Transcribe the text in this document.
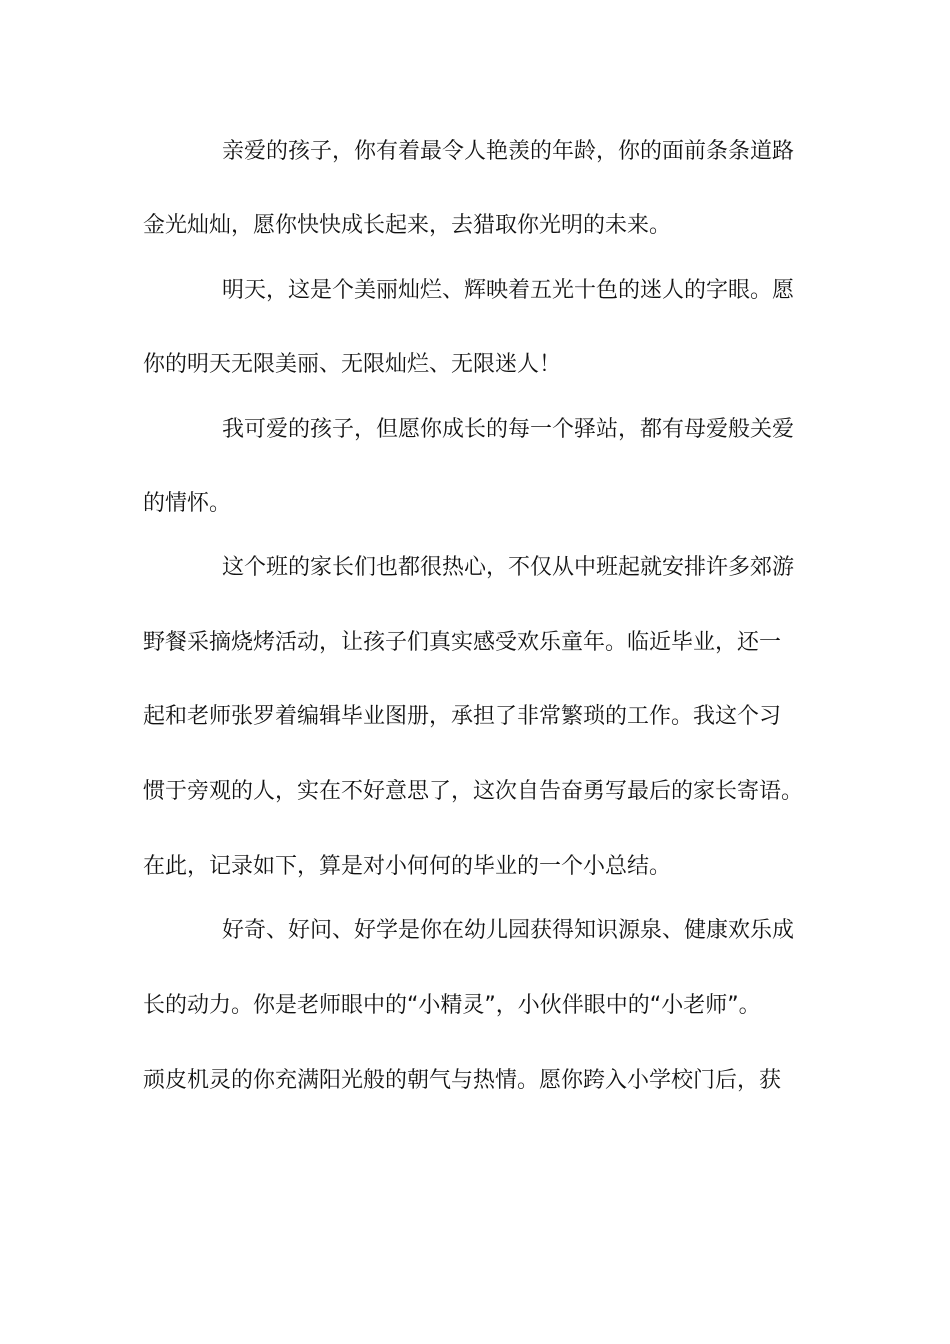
亲爱的孩子，你有着最令人艳羡的年龄，你的面前条条道路
金光灿灿，愿你快快成长起来，去猎取你光明的未来。
明天，这是个美丽灿烂、辉映着五光十色的迷人的字眼。愿
你的明天无限美丽、无限灿烂、无限迷人！
我可爱的孩子，但愿你成长的每一个驿站，都有母爱般关爱
的情怀。
这个班的家长们也都很热心，不仅从中班起就安排许多郊游
野餐采摘烧烤活动，让孩子们真实感受欢乐童年。临近毕业，还一
起和老师张罗着编辑毕业图册，承担了非常繁琐的工作。我这个习
惯于旁观的人，实在不好意思了，这次自告奋勇写最后的家长寄语。
在此，记录如下，算是对小何何的毕业的一个小总结。
好奇、好问、好学是你在幼儿园获得知识源泉、健康欢乐成
长的动力。你是老师眼中的“小精灵”，小伙伴眼中的“小老师”。
顽皮机灵的你充满阳光般的朝气与热情。愿你跨入小学校门后，获
